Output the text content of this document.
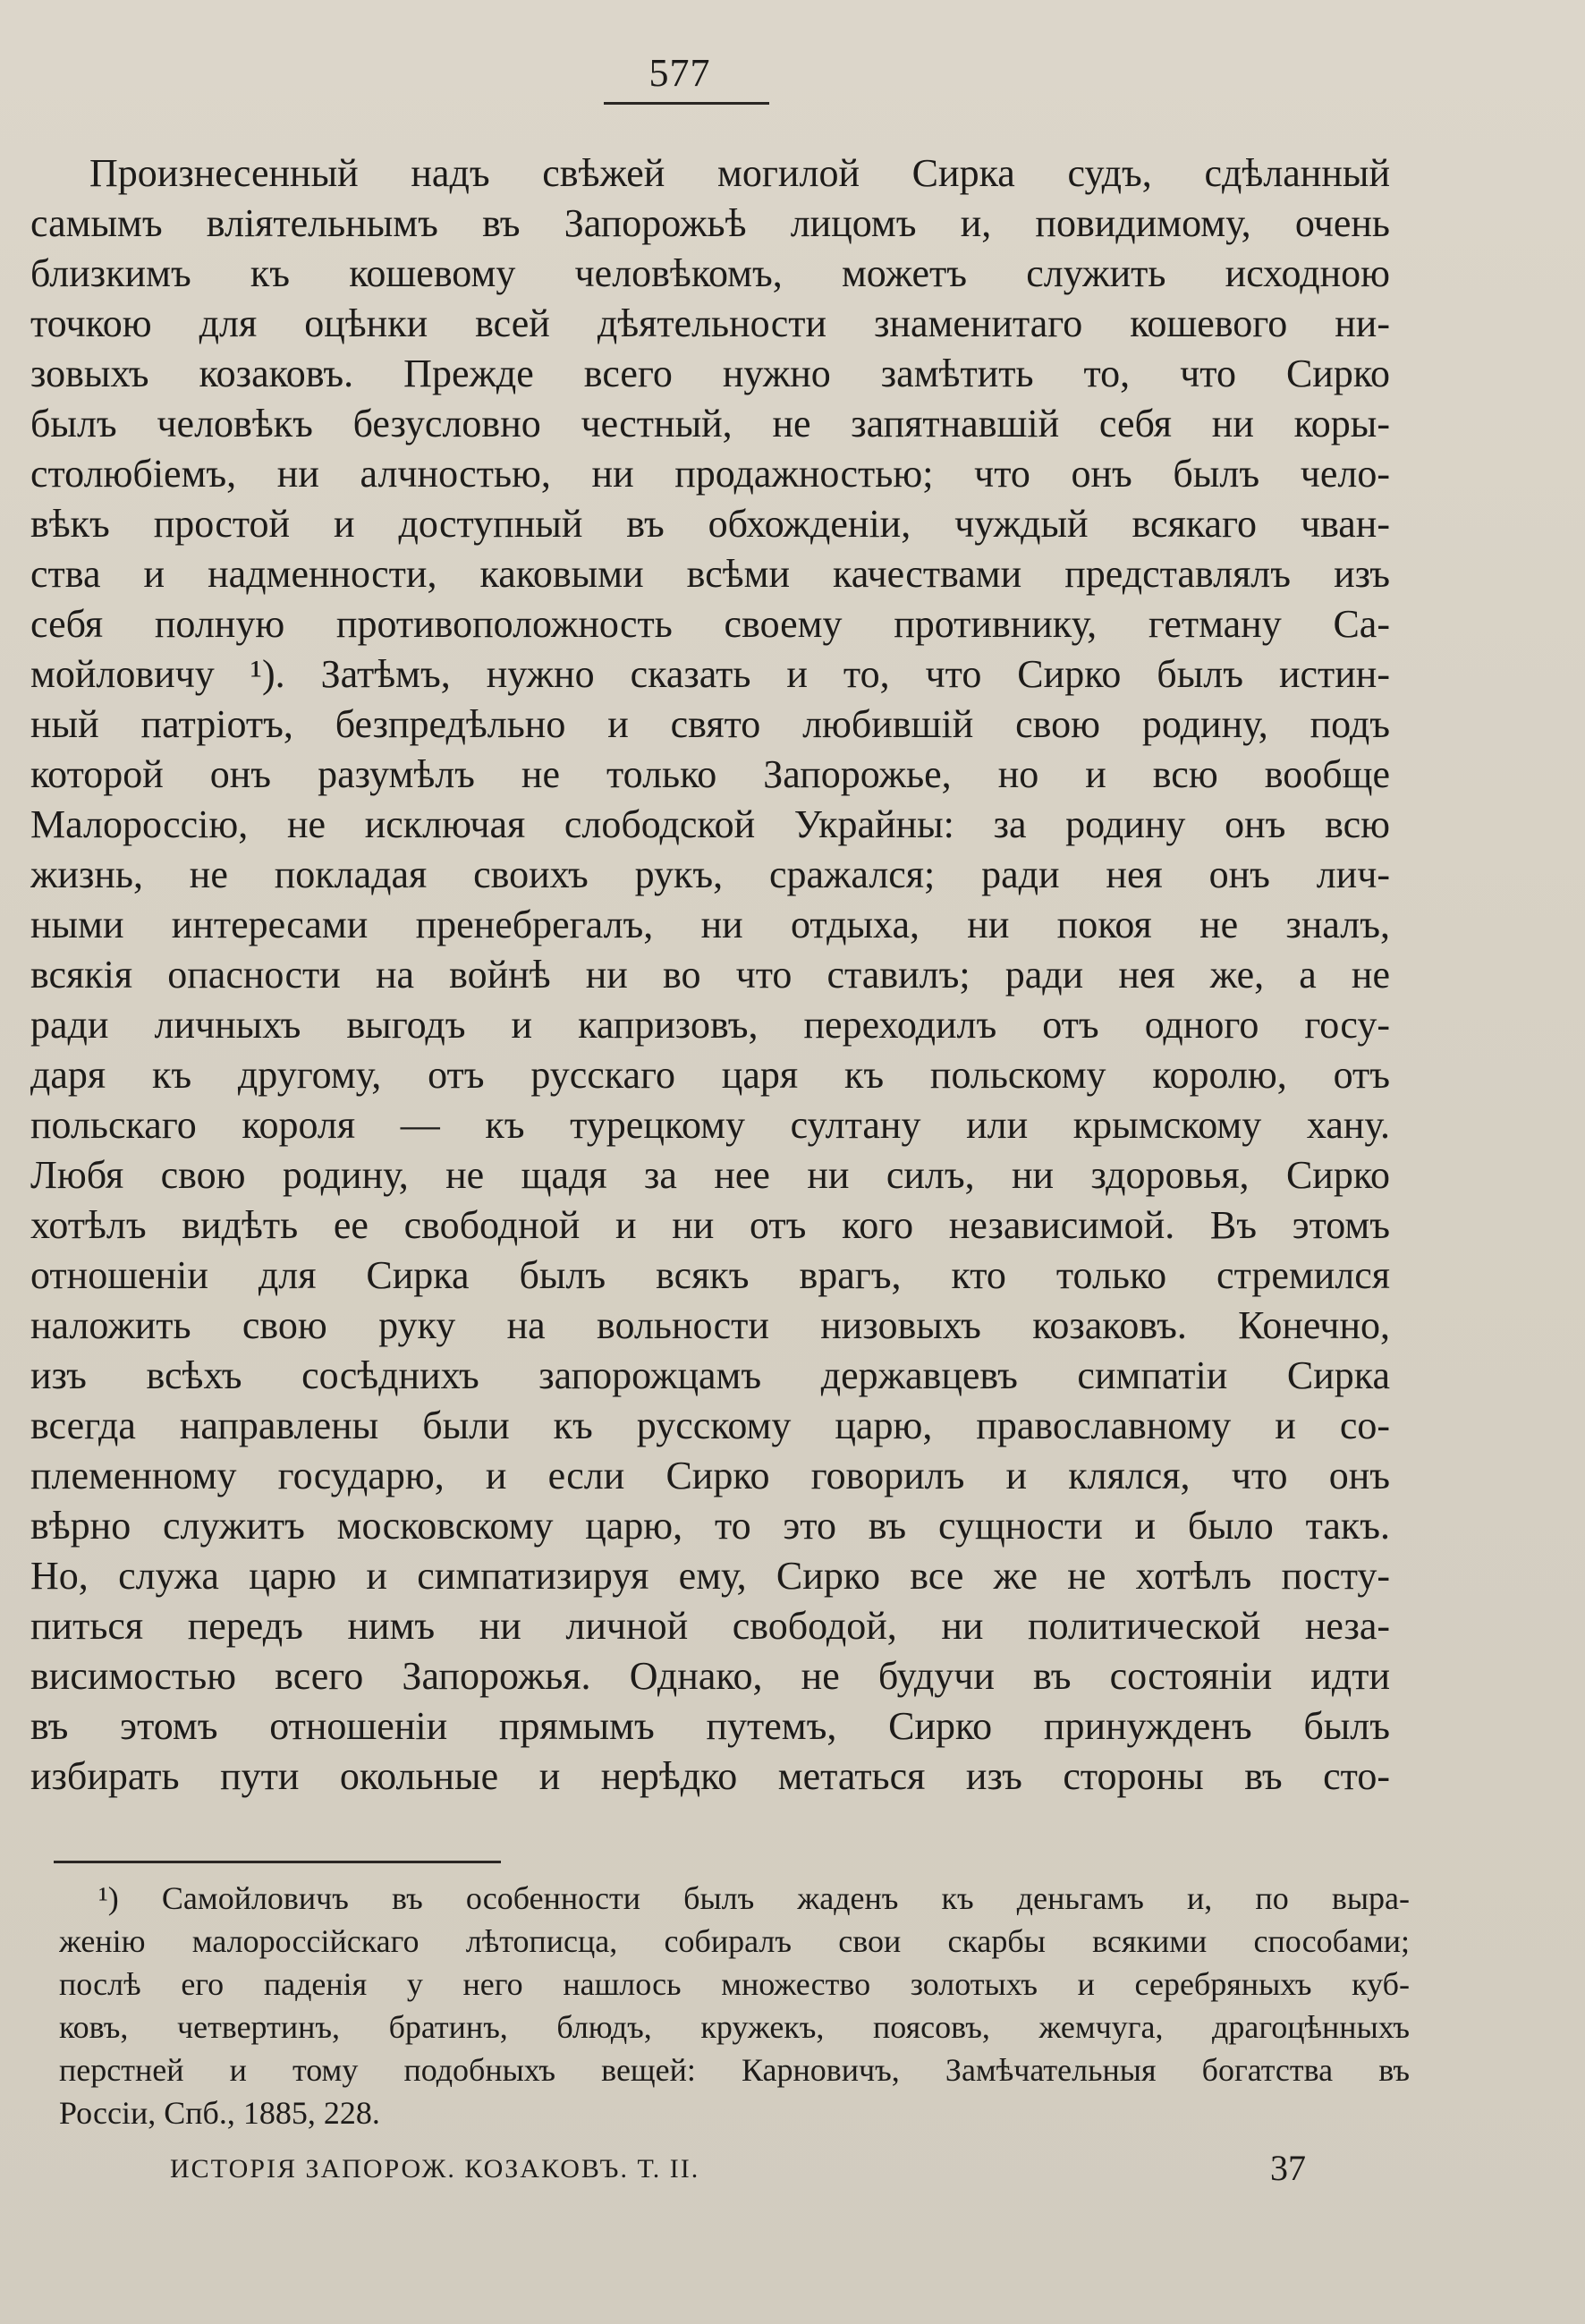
577
Произнесенный надъ свѣжей могилой Сирка судъ, сдѣланный
самымъ вліятельнымъ въ Запорожьѣ лицомъ и, повидимому, очень
близкимъ къ кошевому человѣкомъ, можетъ служить исходною
точкою для оцѣнки всей дѣятельности знаменитаго кошевого ни-
зовыхъ козаковъ. Прежде всего нужно замѣтить то, что Сирко
былъ человѣкъ безусловно честный, не запятнавшій себя ни коры-
столюбіемъ, ни алчностью, ни продажностью; что онъ былъ чело-
вѣкъ простой и доступный въ обхожденіи, чуждый всякаго чван-
ства и надменности, каковыми всѣми качествами представлялъ изъ
себя полную противоположность своему противнику, гетману Са-
мойловичу ¹). Затѣмъ, нужно сказать и то, что Сирко былъ истин-
ный патріотъ, безпредѣльно и свято любившій свою родину, подъ
которой онъ разумѣлъ не только Запорожье, но и всю вообще
Малороссію, не исключая слободской Украйны: за родину онъ всю
жизнь, не покладая своихъ рукъ, сражался; ради нея онъ лич-
ными интересами пренебрегалъ, ни отдыха, ни покоя не зналъ,
всякія опасности на войнѣ ни во что ставилъ; ради нея же, а не
ради личныхъ выгодъ и капризовъ, переходилъ отъ одного госу-
даря къ другому, отъ русскаго царя къ польскому королю, отъ
польскаго короля — къ турецкому султану или крымскому хану.
Любя свою родину, не щадя за нее ни силъ, ни здоровья, Сирко
хотѣлъ видѣть ее свободной и ни отъ кого независимой. Въ этомъ
отношеніи для Сирка былъ всякъ врагъ, кто только стремился
наложить свою руку на вольности низовыхъ козаковъ. Конечно,
изъ всѣхъ сосѣднихъ запорожцамъ державцевъ симпатіи Сирка
всегда направлены были къ русскому царю, православному и со-
племенному государю, и если Сирко говорилъ и клялся, что онъ
вѣрно служитъ московскому царю, то это въ сущности и было такъ.
Но, служа царю и симпатизируя ему, Сирко все же не хотѣлъ посту-
питься передъ нимъ ни личной свободой, ни политической неза-
висимостью всего Запорожья. Однако, не будучи въ состояніи идти
въ этомъ отношеніи прямымъ путемъ, Сирко принужденъ былъ
избирать пути окольные и нерѣдко метаться изъ стороны въ сто-
¹) Самойловичъ въ особенности былъ жаденъ къ деньгамъ и, по выра-
женію малороссійскаго лѣтописца, собиралъ свои скарбы всякими способами;
послѣ его паденія у него нашлось множество золотыхъ и серебряныхъ куб-
ковъ, четвертинъ, братинъ, блюдъ, кружекъ, поясовъ, жемчуга, драгоцѣнныхъ
перстней и тому подобныхъ вещей: Карновичъ, Замѣчательныя богатства въ
Россіи, Спб., 1885, 228.
ИСТОРІЯ ЗАПОРОЖ. КОЗАКОВЪ. Т. II.	37
